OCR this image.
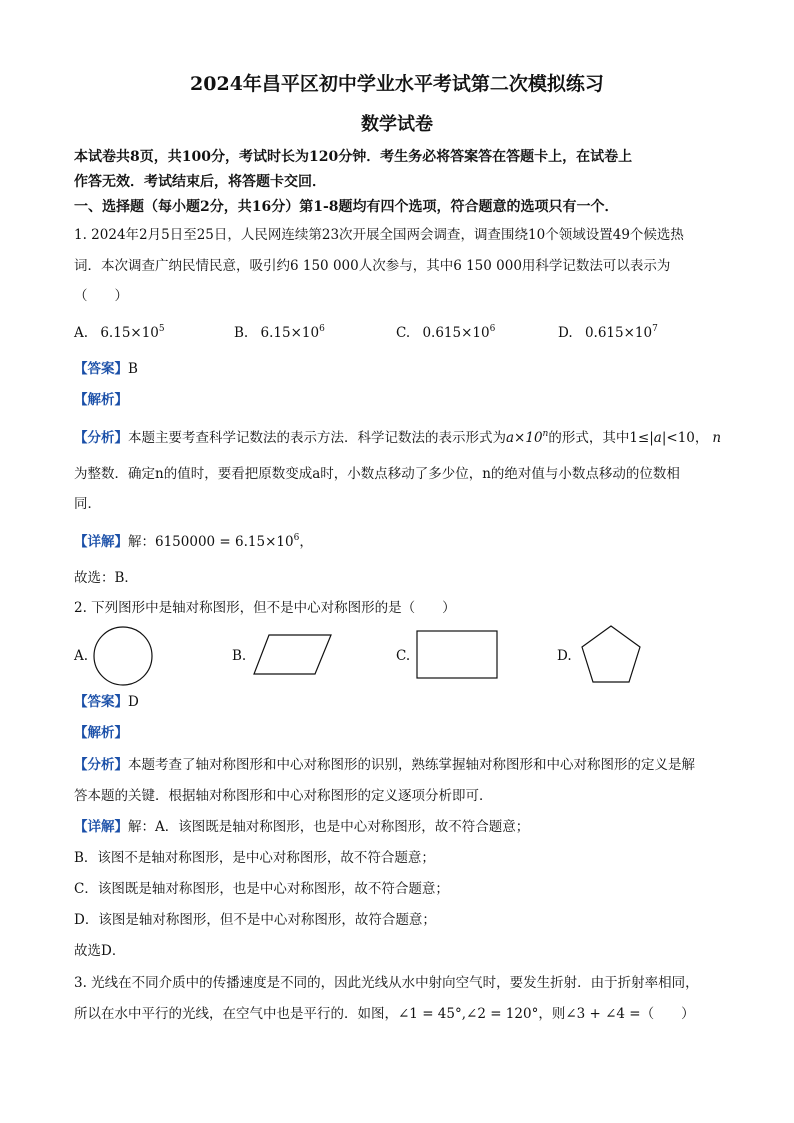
2024年昌平区初中学业水平考试第二次模拟练习
数学试卷
本试卷共8页，共100分，考试时长为120分钟．考生务必将答案答在答题卡上，在试卷上
作答无效．考试结束后，将答题卡交回．
一、选择题（每小题2分，共16分）第1-8题均有四个选项，符合题意的选项只有一个．
1. 2024年2月5日至25日，人民网连续第23次开展全国两会调查，调查围绕10个领域设置49个候选热
词．本次调查广纳民情民意，吸引约6 150 000人次参与，其中6 150 000用科学记数法可以表示为
（　　）
A. $6.15\times 10^5$	B. $6.15\times 10^6$	C. $0.615\times 10^6$	D. $0.615\times 10^7$
【答案】B
【解析】
【分析】本题主要考查科学记数法的表示方法．科学记数法的表示形式为$a\times 10^n$的形式，其中1≤|a|<10， n
为整数．确定n的值时，要看把原数变成a时，小数点移动了多少位，n的绝对值与小数点移动的位数相
同．
【详解】解：$6150000 = 6.15\times 10^6$，
故选：B．
2. 下列图形中是轴对称图形，但不是中心对称图形的是（　　）
A.	B.	C.	D.
【答案】D
【解析】
【分析】本题考查了轴对称图形和中心对称图形的识别，熟练掌握轴对称图形和中心对称图形的定义是解
答本题的关键．根据轴对称图形和中心对称图形的定义逐项分析即可．
【详解】解：A．该图既是轴对称图形，也是中心对称图形，故不符合题意；
B．该图不是轴对称图形，是中心对称图形，故不符合题意；
C．该图既是轴对称图形，也是中心对称图形，故不符合题意；
D．该图是轴对称图形，但不是中心对称图形，故符合题意；
故选D．
3. 光线在不同介质中的传播速度是不同的，因此光线从水中射向空气时，要发生折射．由于折射率相同，
所以在水中平行的光线，在空气中也是平行的．如图，∠1 = 45°,∠2 = 120°，则∠3 + ∠4 =（　　）
